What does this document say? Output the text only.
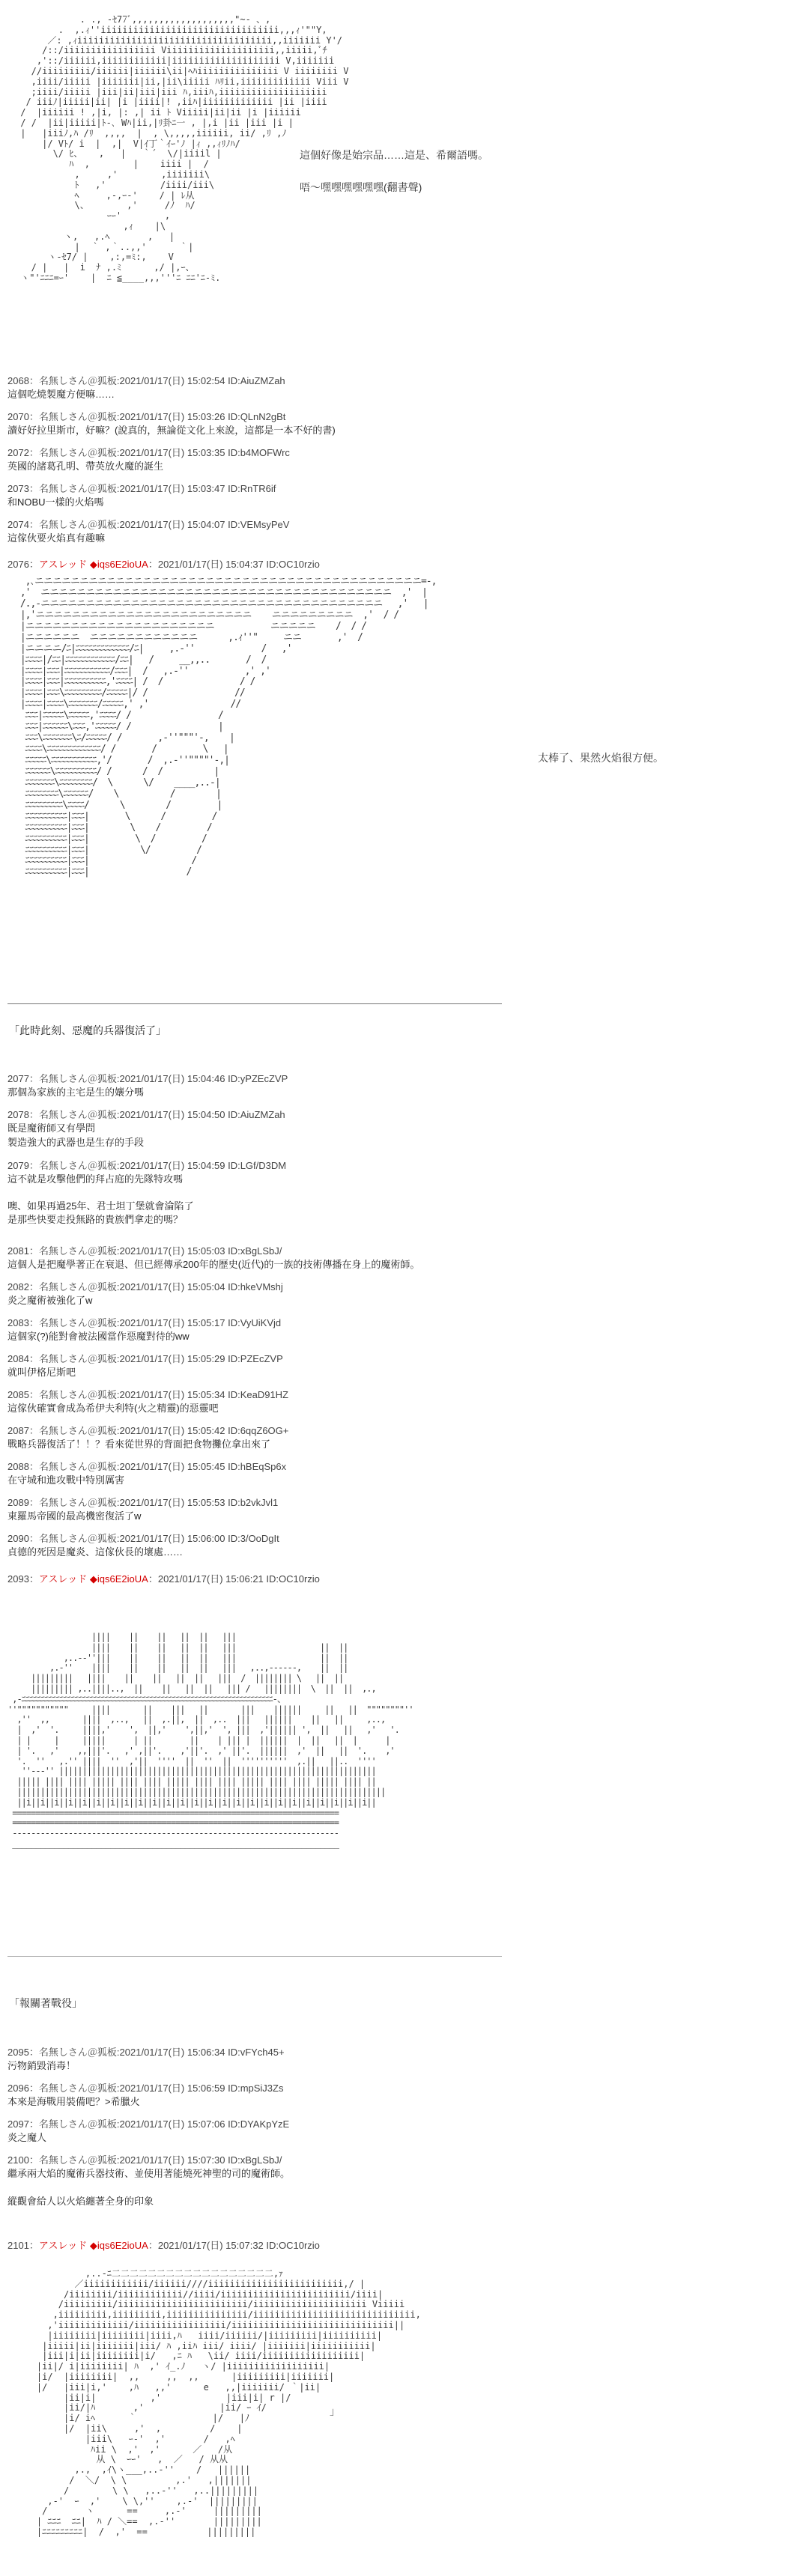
. ., -ｾ77ﾞ,,,,,,,,,,,,,,,,,,,"~- 、,
.  ,.ｨ''iiiiiiiiiiiiiiiiiiiiiiiiiiiiiiiii,,,ｨ'""Y,
／: ,ｨiiiiiiiiiiiiiiiiiiiiiiiiiiiiiiiiiiii,,iiiiiii Y'/
/::/iiiiiiiiiiiiiiiii Viiiiiiiiiiiiiiiiiiii,,iiiii,ﾞﾁ
,'::/iiiiii,iiiiiiiiiiii|iiiiiiiiiiiiiiiiiiii V,iiiiiii
//iiiiiiiii/iiiiii|iiiiii\ii|ﾍﾊiiiiiiiiiiiiiii V iiiiiiii V
,iiii/iiiii |iiiiiii|ii,|ii\iiiii ﾊﾘii,iiiiiiiiiiiii Viii V
;iiii/iiiii |iii|ii|iii|iii ﾊ,iiiﾊ,iiiiiiiiiiiiiiiiiiii
/ iiiﾉ|iiiii|ii| |i |iiii|! ,iiﾊ|iiiiiiiiiiiii |ii |iiii
/  |iiiiii ! ,|i, |: ,| ii ﾄ Viiiii|ii|ii |i |iiiiii
/ /  |ii|iiiii|ﾄ-､ Wﾊ|ii,|ﾘ卦ﾆ一 , |,i |ii |iii |i |
|   |iiiﾉ,ﾊ /ﾘ  ,,,,  |  , \,,,,,iiiiii, ii/ ,ﾘ ,ﾉ
|/ Vﾄ/ i  |  ,|  V|ｲ丁｀ｲｰ'ﾉ |ｨ ,,ｨﾘﾉﾊ/
\/ ﾋ、   ,   |   ｀´  \/|iiiil |
ﾊ  ,        |    iiii |  /
,     ,'        ,iiiiiii\
ﾄ   ,'          /iiii/iii\
ﾍ     ,-,ｰ-'    / | ﾚ从
\、       ,'     /ﾉ  ﾊ/
ｰｰ'        ,
,ｨ    |\
ヽ,   ,.ﾍ       ,   |
|  ｀ ,｀..,,'      ｀|
ヽ-ｾ7/ |    ,:,=ﾐ:,    V
/ |   |  i  ﾅ ,.ﾐ      ,/ |,ｰ、
ヽ"'ﾆﾆﾆ=ｰ'    |  ﾆ ≦____,,,'''ﾆ ﾆﾆ'ﾆ-ﾐ.

這個好像是始宗品……這是、希爾語嗎。

唔～嘿嘿嘿嘿嘿嘿(翻書聲)

2068：名無しさん＠狐板:2021/01/17(日) 15:02:54 ID:AiuZMZah
這個吃燒製魔方便嘛……
2070：名無しさん＠狐板:2021/01/17(日) 15:03:26 ID:QLnN2gBt
讀好好拉里斯市，好嘛？(說真的，無論從文化上來說，這都是一本不好的書)
2072：名無しさん＠狐板:2021/01/17(日) 15:03:35 ID:b4MOFWrc
英國的諸葛孔明、帶英放火魔的誕生
2073：名無しさん＠狐板:2021/01/17(日) 15:03:47 ID:RnTR6if
和NOBU一樣的火焰嗎
2074：名無しさん＠狐板:2021/01/17(日) 15:04:07 ID:VEMsyPeV
這傢伙要火焰真有趣嘛
2076：アスレッド ◆iqs6E2ioUA：2021/01/17(日) 15:04:37 ID:OC10rzio
,､ニニニニニニニニニニニニニニニニニニニニニニニニニニニニニニニニニニニニニニニニニニニ=-,
,'  ニニニニニニニニニニニニニニニニニニニニニニニニニニニニニニニニニニニニニニニ  ,'  |
/.,-ニニニニニニニニニニニニニニニニニニニニニニニニニニニニニニニニニニニニニニ   ,'   |
|,'ニニニニニニニニニニニニニニニニニニニニニニニニ    ニニニニニニニニニ  ,'  / /
|ニニニニニニニニニニニニニニニニニニニニニ           ニニニニニ    /  / /
|ニニニニニニ  ニニニニニニニニニニニニ      ,.ｨ''"     ニニ       ,'  /
|ニニニニ/ﾆ|ﾆﾆﾆﾆﾆﾆﾆﾆﾆﾆﾆﾆﾆ/ﾆ|     ,.-''             /   ,'
|ﾆﾆﾆﾆ|/ﾆﾆ|ﾆﾆﾆﾆﾆﾆﾆﾆﾆﾆﾆﾆ/ﾆﾆ|   /     __,,..       /  /
|ﾆﾆﾆﾆ|ﾆﾆﾆ|ﾆﾆﾆﾆﾆﾆﾆﾆﾆﾆﾆ/ﾆﾆﾆ|  /   ,.-''           ,' ,'
|ﾆﾆﾆﾆ|ﾆﾆﾆ|ﾆﾆﾆﾆﾆﾆﾆﾆﾆﾆ,'ﾆﾆﾆﾆ| /  /               / /
|ﾆﾆﾆﾆ|ﾆﾆﾆ\ﾆﾆﾆﾆﾆﾆﾆﾆﾆ/ﾆﾆﾆﾆﾆ|/ /                 //
|ﾆﾆﾆﾆ|ﾆﾆﾆﾆ\ﾆﾆﾆﾆﾆﾆﾆ/ﾆﾆﾆﾆﾆ,' ,'                //
ﾆﾆﾆ|ﾆﾆﾆﾆﾆ\ﾆﾆﾆﾆﾆ,'ﾆﾆﾆﾆ/ /                 /
ﾆﾆﾆ|ﾆﾆﾆﾆﾆﾆ\ﾆﾆﾆ,'ﾆﾆﾆﾆﾆ/ /                 |
ﾆﾆﾆ\ﾆﾆﾆﾆﾆﾆﾆ\ﾆ/ﾆﾆﾆﾆﾆ/ /       ,-''"""'-,    |
ﾆﾆﾆﾆ\ﾆﾆﾆﾆﾆﾆﾆﾆﾆﾆﾆﾆﾆ/ /       /         \   |
ﾆﾆﾆﾆﾆ\ﾆﾆﾆﾆﾆﾆﾆﾆﾆﾆﾆ,'/       /  ,.-''""""'-,|
ﾆﾆﾆﾆﾆﾆ\ﾆﾆﾆﾆﾆﾆﾆﾆﾆﾆ/ /      /  /          |
ﾆﾆﾆﾆﾆﾆﾆ\ﾆﾆﾆﾆﾆﾆﾆﾆ/  \      \/    ____,..-|
ﾆﾆﾆﾆﾆﾆﾆﾆ\ﾆﾆﾆﾆﾆﾆ/    \          /        |
ﾆﾆﾆﾆﾆﾆﾆﾆﾆ\ﾆﾆﾆﾆ/      \        /         |
ﾆﾆﾆﾆﾆﾆﾆﾆﾆﾆ|ﾆﾆﾆ|       \      /         /
ﾆﾆﾆﾆﾆﾆﾆﾆﾆﾆ|ﾆﾆﾆ|        \    /         /
ﾆﾆﾆﾆﾆﾆﾆﾆﾆﾆ|ﾆﾆﾆ|         \  /         /
ﾆﾆﾆﾆﾆﾆﾆﾆﾆﾆ|ﾆﾆﾆ|          \/         /
ﾆﾆﾆﾆﾆﾆﾆﾆﾆﾆ|ﾆﾆﾆ|                    /
ﾆﾆﾆﾆﾆﾆﾆﾆﾆﾆ|ﾆﾆﾆ|                   /
太棒了、果然火焰很方便。
「此時此刻、惡魔的兵器復活了」
2077：名無しさん＠狐板:2021/01/17(日) 15:04:46 ID:yPZEcZVP
那個為家族的主宅是生的孃分嗎
2078：名無しさん＠狐板:2021/01/17(日) 15:04:50 ID:AiuZMZah
既是魔術師又有學問
製造強大的武器也是生存的手段
2079：名無しさん＠狐板:2021/01/17(日) 15:04:59 ID:LGf/D3DM
這不就是攻擊他們的拜占庭的先隊特攻嗎
噢、如果再過25年、君士坦丁堡就會淪陷了
是那些快要走投無路的貴族們拿走的嗎？
2081：名無しさん＠狐板:2021/01/17(日) 15:05:03 ID:xBgLSbJ/
這個人是把魔學著正在衰退、但已經傳承200年的歷史(近代)的一族的技術傳播在身上的魔術師。
2082：名無しさん＠狐板:2021/01/17(日) 15:05:04 ID:hkeVMshj
炎之魔術被強化了w
2083：名無しさん＠狐板:2021/01/17(日) 15:05:17 ID:VyUiKVjd
這個家(?)能對會被法國當作惡魔對待的ww
2084：名無しさん＠狐板:2021/01/17(日) 15:05:29 ID:PZEcZVP
就叫伊格尼斯吧
2085：名無しさん＠狐板:2021/01/17(日) 15:05:34 ID:KeaD91HZ
這傢伙確實會成為希伊夫利特(火之精靈)的惡靈吧
2087：名無しさん＠狐板:2021/01/17(日) 15:05:42 ID:6qqZ6OG+
戰略兵器復活了！！？看來從世界的背面把食物攤位拿出來了
2088：名無しさん＠狐板:2021/01/17(日) 15:05:45 ID:hBEqSp6x
在守城和進攻戰中特別厲害
2089：名無しさん＠狐板:2021/01/17(日) 15:05:53 ID:b2vkJvl1
東羅馬帝國的最高機密復活了w
2090：名無しさん＠狐板:2021/01/17(日) 15:06:00 ID:3/OoDgIt
貞德的死因是魔炎、這傢伙長的壞處……
2093：アスレッド ◆iqs6E2ioUA：2021/01/17(日) 15:06:21 ID:OC10rzio
||||    ||    ||   ||  ||   |||
||||    ||    ||   ||  ||   |||                  ||  ||
,..--''|||    ||    ||   ||  ||   |||                  ||  ||
,.-''    ||||    ||    ||   ||  ||   |||   ,..,------,    ||  ||
|||||||||   ||||    ||    ||   ||  ||   |||  /  |||||||| \   ||  ||
||||||||| ,..||||..,  ||    ||   ||  ||   ||| /   ||||||||  \  ||  ||  ,.,
,-ﾆﾆﾆﾆﾆﾆﾆﾆﾆﾆﾆﾆﾆﾆﾆﾆﾆﾆﾆﾆﾆﾆﾆﾆﾆﾆﾆﾆﾆﾆﾆﾆﾆﾆﾆﾆﾆﾆﾆﾆﾆﾆﾆﾆﾆﾆﾆﾆﾆﾆﾆﾆﾆﾆﾆﾆﾆﾆﾆﾆﾆﾆﾆﾆﾆﾆﾆ-、
''"""""""""""     ||||       ||    |||   ||       |||    ||||||     ||   ||  """"""""''
,''  ,,       ||||  ,..,   ||  ,.||,  ||  ,..  |||   ||||||    ||   ||     ,..,
|  ,'  '.     ||||,'    ',  ||,'    ',||,'  ', |||  ,'|||||| ',  ||   ||   ,'   '.
| |     |     |||||      | ||        ||    | ||| |  ||||||  |  ||   ||  |      |
| '.   ,'    ,,|||'.   ,' ,||'.    ,'||'.  ,' ||'.  ||||||  ,'  ||   ||  '.    ,'
'.  ''   ,.'' ||||  ''  ,'||  ''''  ||  ''  ||  ''''''''''  ,.||   ||..  ''''
''---'' ||||||||||||||||||||||||||||||||||||||||||||||||||||||||||||||||||||
||||| |||| |||| ||||| |||| |||| ||||| |||| |||| ||||| |||| |||| ||||| |||| ||
|||||||||||||||||||||||||||||||||||||||||||||||||||||||||||||||||||||||||||||||
||i||i||i||i||i||i||i||i||i||i||i||i||i||i||i||i||i||i||i||i||i||i||i||i||i||
======================================================================
======================================================================
----------------------------------------------------------------------
______________________________________________________________________
「報關著戰役」
2095：名無しさん＠狐板:2021/01/17(日) 15:06:34 ID:vFYch45+
污物銷毀消毒！
2096：名無しさん＠狐板:2021/01/17(日) 15:06:59 ID:mpSiJ3Zs
本來是海戰用裝備吧？>希臘火
2097：名無しさん＠狐板:2021/01/17(日) 15:07:06 ID:DYAKpYzE
炎之魔人
2100：名無しさん＠狐板:2021/01/17(日) 15:07:30 ID:xBgLSbJ/
繼承兩大焰的魔術兵器技術、並使用著能燒死神聖的司的魔術師。

縱觀會給人以火焰纏著全身的印象
2101：アスレッド ◆iqs6E2ioUA：2021/01/17(日) 15:07:32 ID:OC10rzio
,..-ﾆ二二二二二二二二二二二二二二二二二二,ｧ
／iiiiiiiiiiii/iiiiii////iiiiiiiiiiiiiiiiiiiiiiiii,/ |
/iiiiiiii/iiiiiiiiiiii//iiii/iiiiiiiiiiiiiiiiiiiiiiii/iiii|
/iiiiiiiii/iiiiiiiiiiiiiiiiiiiiiiii/iiiiiiiiiiiiiiiiiiiii Viiiii
,iiiiiiiii,iiiiiiiii,iiiiiiiiiiiiiii/iiiiiiiiiiiiiiiiiiiiiiiiiiiiii,
,'iiiiiiiiiiiii/iiiiiiiiiiiiiiiii/iiiiiiiiiiiiiiiiiiiiiiiiiiiiii||
|iiiiiiii|iiiiiiii|iiii,ﾊ   iiii/iiiiii/|iiiiiiiii|iiiiiiiiii|
|iiiii|ii|iiiiiii|iii/ ﾊ ,iiﾊ iii/ iiii/ |iiiiiii|iiiiiiiiiii|
|iii|i|ii|iiiiiiii|i/   ,ﾆ ﾊ   \ii/ iiii/iiiiiiiiiiiiiiiiii|
|ii|/ i|iiiiiiii| ﾊ  ,' ｲ_.ﾉ   ヽ/ |iiiiiiiiiiiiiiiiii|
|i/  |iiiiiiii|  ,,     ,,  ,,      |iiiiiiiii|iiiiiii|
|/   |iii|i,'    ,ﾊ   ,,'      e   ,,|iiiiiii/ ｀|ii|
|ii|i|          ,'            |iii|i| r |/
|ii/|ﾊ       ,'              |ii/ ｰ ｲ/
|i/ iﾍ      ｀              |/   |ﾉ
|/  |ii\     ,'  ,         /    |
|iii\   ｰ-'  ,'       /   ,ﾍ
ﾊii \  ,'  ,'      ／   /从
从 \  ｰｰ'   ,  ／   / 从从
,.,  ,ｲ\ヽ___,..-''    /   ||||||
/  ＼/  \ \         ,.'   ,|||||||
/        \ \   ,..-''   ,..|||||||||
,-'  ｰ  ,'    \ \,''    ,.-'  |||||||||
/       ヽ      ==     ,.-'     |||||||||
| ﾆﾆﾆ  ﾆﾆ|  ﾊ / ＼==  ,.-''       |||||||||
|ﾆﾆﾆﾆﾆﾆﾆﾆﾆ|  /  ,'  ==           |||||||||
」
